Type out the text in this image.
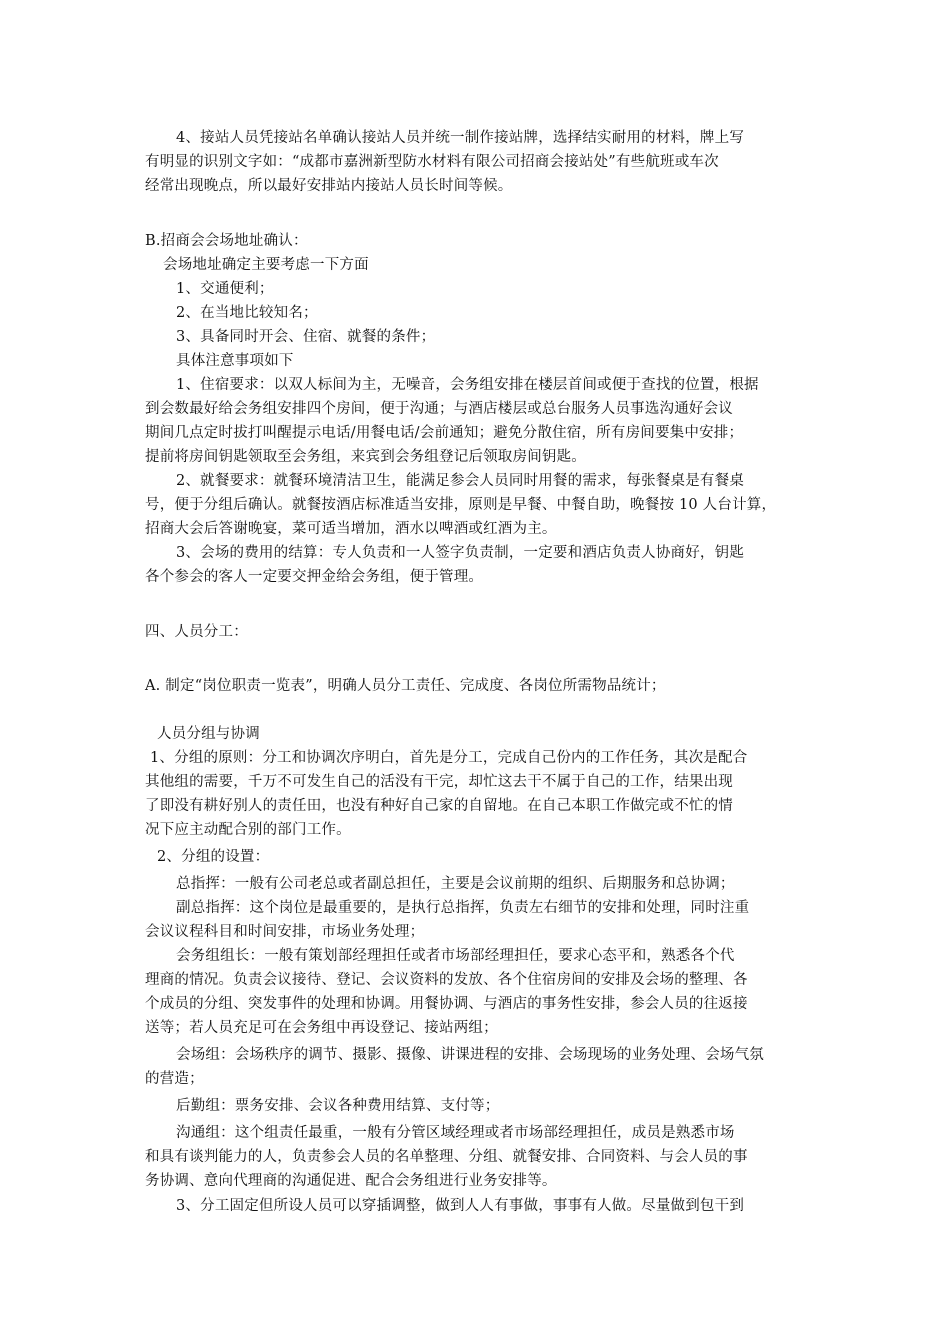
4、接站人员凭接站名单确认接站人员并统一制作接站牌，选择结实耐用的材料，牌上写
有明显的识别文字如：“成都市嘉洲新型防水材料有限公司招商会接站处”有些航班或车次
经常出现晚点，所以最好安排站内接站人员长时间等候。
B.招商会会场地址确认：
会场地址确定主要考虑一下方面
1、交通便利；
2、在当地比较知名；
3、具备同时开会、住宿、就餐的条件；
具体注意事项如下
1、住宿要求：以双人标间为主，无噪音，会务组安排在楼层首间或便于查找的位置，根据
到会数最好给会务组安排四个房间，便于沟通；与酒店楼层或总台服务人员事选沟通好会议
期间几点定时拔打叫醒提示电话/用餐电话/会前通知；避免分散住宿，所有房间要集中安排；
提前将房间钥匙领取至会务组，来宾到会务组登记后领取房间钥匙。
2、就餐要求：就餐环境清洁卫生，能满足参会人员同时用餐的需求，每张餐桌是有餐桌
号，便于分组后确认。就餐按酒店标准适当安排，原则是早餐、中餐自助，晚餐按 10 人台计算，
招商大会后答谢晚宴，菜可适当增加，酒水以啤酒或红酒为主。
3、会场的费用的结算：专人负责和一人签字负责制，一定要和酒店负责人协商好，钥匙
各个参会的客人一定要交押金给会务组，便于管理。
四、人员分工：
A. 制定“岗位职责一览表”，明确人员分工责任、完成度、各岗位所需物品统计；
人员分组与协调
1、分组的原则：分工和协调次序明白，首先是分工，完成自己份内的工作任务，其次是配合
其他组的需要，千万不可发生自己的活没有干完，却忙这去干不属于自己的工作，结果出现
了即没有耕好别人的责任田，也没有种好自己家的自留地。在自己本职工作做完或不忙的情
况下应主动配合别的部门工作。
2、分组的设置：
总指挥：一般有公司老总或者副总担任，主要是会议前期的组织、后期服务和总协调；
副总指挥：这个岗位是最重要的，是执行总指挥，负责左右细节的安排和处理，同时注重
会议议程科目和时间安排，市场业务处理；
会务组组长：一般有策划部经理担任或者市场部经理担任，要求心态平和，熟悉各个代
理商的情况。负责会议接待、登记、会议资料的发放、各个住宿房间的安排及会场的整理、各
个成员的分组、突发事件的处理和协调。用餐协调、与酒店的事务性安排，参会人员的往返接
送等；若人员充足可在会务组中再设登记、接站两组；
会场组：会场秩序的调节、摄影、摄像、讲课进程的安排、会场现场的业务处理、会场气氛
的营造；
后勤组：票务安排、会议各种费用结算、支付等；
沟通组：这个组责任最重，一般有分管区域经理或者市场部经理担任，成员是熟悉市场
和具有谈判能力的人，负责参会人员的名单整理、分组、就餐安排、合同资料、与会人员的事
务协调、意向代理商的沟通促进、配合会务组进行业务安排等。
3、分工固定但所设人员可以穿插调整，做到人人有事做，事事有人做。尽量做到包干到
